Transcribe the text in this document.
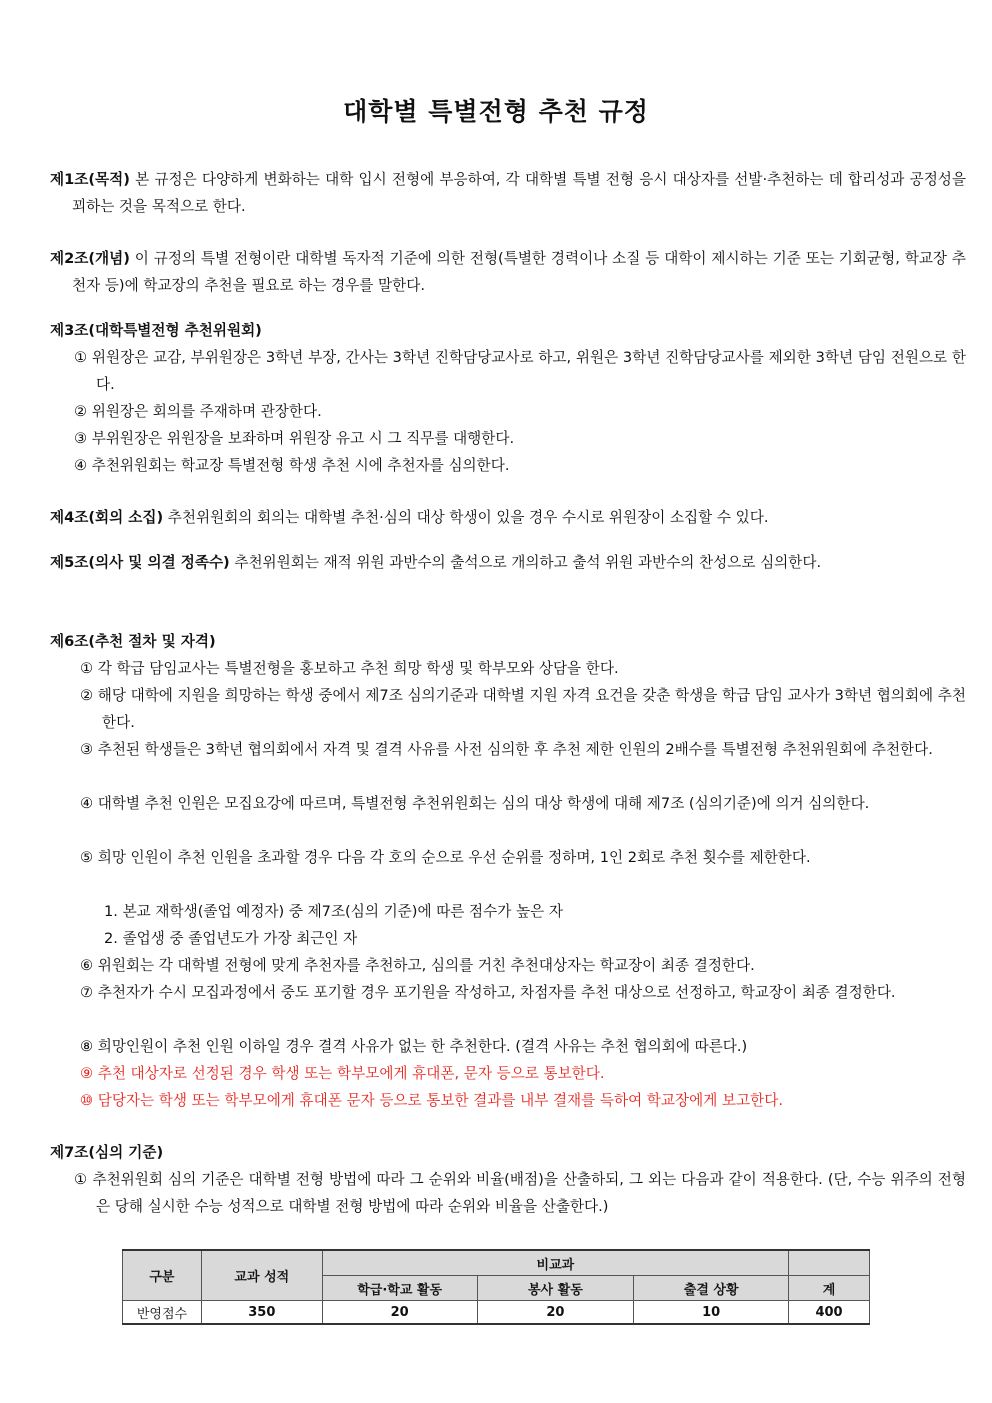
대학별 특별전형 추천 규정
제1조(목적) 본 규정은 다양하게 변화하는 대학 입시 전형에 부응하여, 각 대학별 특별 전형 응시 대상자를 선발·추천하는 데 합리성과 공정성을 꾀하는 것을 목적으로 한다.
제2조(개념) 이 규정의 특별 전형이란 대학별 독자적 기준에 의한 전형(특별한 경력이나 소질 등 대학이 제시하는 기준 또는 기회균형, 학교장 추천자 등)에 학교장의 추천을 필요로 하는 경우를 말한다.
제3조(대학특별전형 추천위원회)
① 위원장은 교감, 부위원장은 3학년 부장, 간사는 3학년 진학담당교사로 하고, 위원은 3학년 진학담당교사를 제외한 3학년 담임 전원으로 한다.
② 위원장은 회의를 주재하며 관장한다.
③ 부위원장은 위원장을 보좌하며 위원장 유고 시 그 직무를 대행한다.
④ 추천위원회는 학교장 특별전형 학생 추천 시에 추천자를 심의한다.
제4조(회의 소집) 추천위원회의 회의는 대학별 추천·심의 대상 학생이 있을 경우 수시로 위원장이 소집할 수 있다.
제5조(의사 및 의결 정족수) 추천위원회는 재적 위원 과반수의 출석으로 개의하고 출석 위원 과반수의 찬성으로 심의한다.
제6조(추천 절차 및 자격)
① 각 학급 담임교사는 특별전형을 홍보하고 추천 희망 학생 및 학부모와 상담을 한다.
② 해당 대학에 지원을 희망하는 학생 중에서 제7조 심의기준과 대학별 지원 자격 요건을 갖춘 학생을 학급 담임 교사가 3학년 협의회에 추천한다.
③ 추천된 학생들은 3학년 협의회에서 자격 및 결격 사유를 사전 심의한 후 추천 제한 인원의 2배수를 특별전형 추천위원회에 추천한다.
④ 대학별 추천 인원은 모집요강에 따르며, 특별전형 추천위원회는 심의 대상 학생에 대해 제7조 (심의기준)에 의거 심의한다.
⑤ 희망 인원이 추천 인원을 초과할 경우 다음 각 호의 순으로 우선 순위를 정하며, 1인 2회로 추천 횟수를 제한한다.
1. 본교 재학생(졸업 예정자) 중 제7조(심의 기준)에 따른 점수가 높은 자
2. 졸업생 중 졸업년도가 가장 최근인 자
⑥ 위원회는 각 대학별 전형에 맞게 추천자를 추천하고, 심의를 거친 추천대상자는 학교장이 최종 결정한다.
⑦ 추천자가 수시 모집과정에서 중도 포기할 경우 포기원을 작성하고, 차점자를 추천 대상으로 선정하고, 학교장이 최종 결정한다.
⑧ 희망인원이 추천 인원 이하일 경우 결격 사유가 없는 한 추천한다. (결격 사유는 추천 협의회에 따른다.)
⑨ 추천 대상자로 선정된 경우 학생 또는 학부모에게 휴대폰, 문자 등으로 통보한다.
⑩ 담당자는 학생 또는 학부모에게 휴대폰 문자 등으로 통보한 결과를 내부 결재를 득하여 학교장에게 보고한다.
제7조(심의 기준)
① 추천위원회 심의 기준은 대학별 전형 방법에 따라 그 순위와 비율(배점)을 산출하되, 그 외는 다음과 같이 적용한다. (단, 수능 위주의 전형은 당해 실시한 수능 성적으로 대학별 전형 방법에 따라 순위와 비율을 산출한다.)
구분	교과 성적	비교과			
		학급·학교 활동	봉사 활동	출결 상황	계
반영점수	350	20	20	10	400
